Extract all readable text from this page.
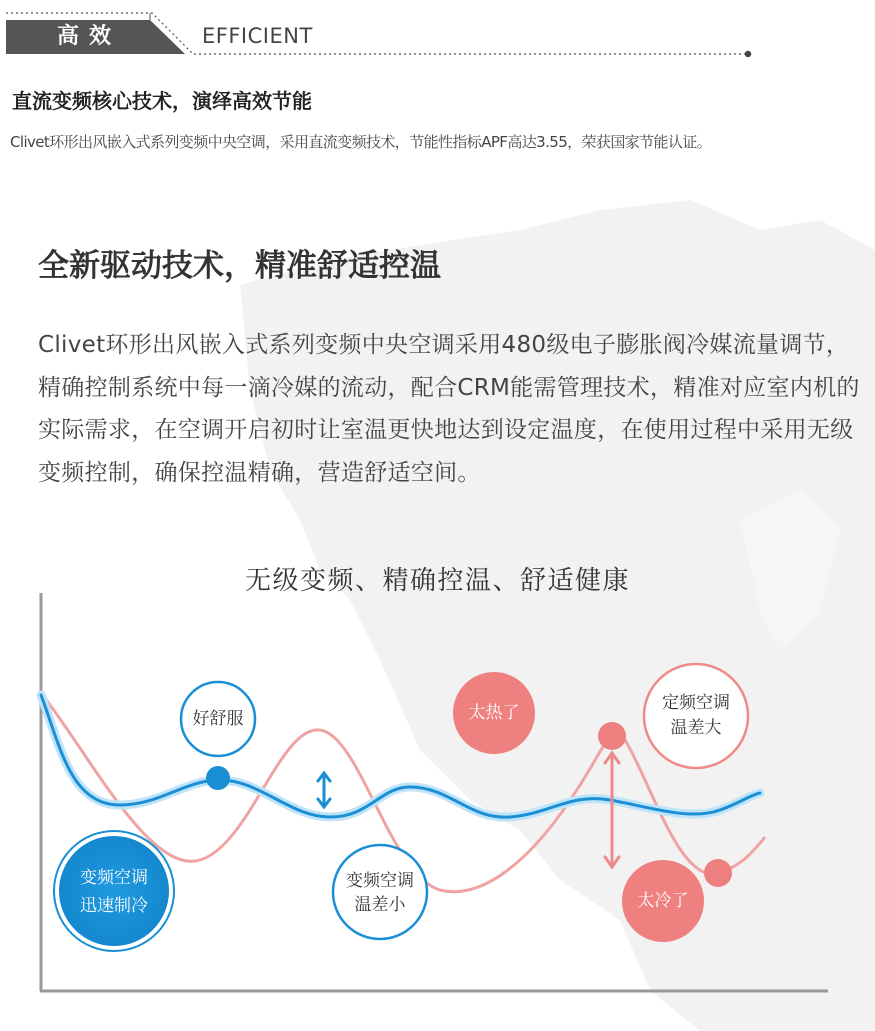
高效	EFFICIENT
直流变频核心技术，演绎高效节能

Clivet环形出风嵌入式系列变频中央空调，采用直流变频技术，节能性指标APF高达3.55，荣获国家节能认证。

全新驱动技术，精准舒适控温

Clivet环形出风嵌入式系列变频中央空调采用480级电子膨胀阀冷媒流量调节，精确控制系统中每一滴冷媒的流动，配合CRM能需管理技术，精准对应室内机的实际需求，在空调开启初时让室温更快地达到设定温度，在使用过程中采用无级变频控制，确保控温精确，营造舒适空间。

无级变频、精确控温、舒适健康
好舒服
变频空调
迅速制冷
变频空调
温差小
太热了	定频空调
温差大
太冷了
